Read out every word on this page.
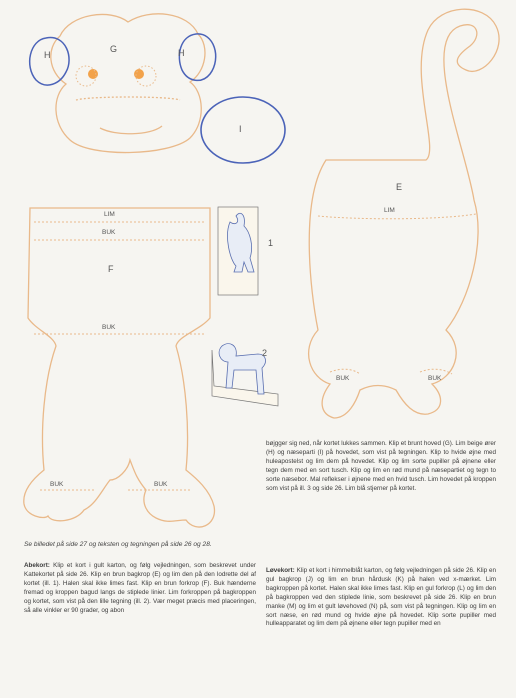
G
H	H
I
E
F
LIM
BUK
BUK
BUK	BUK
BUK	BUK
LIM
1
2
Se billedet på side 27 og teksten og tegningen på side 26 og 28.

Abekort: Klip et kort i gult karton, og følg vejledningen, som beskrevet under Kattekortet på side 26. Klip en brun bagkrop (E) og lim den på den lodrette del af kortet (ill. 1). Halen skal ikke limes fast. Klip en brun forkrop (F). Buk hænderne fremad og kroppen bagud langs de stiplede linier. Lim forkroppen på bagkroppen og kortet, som vist på den lille tegning (ill. 2). Vær meget præcis med placeringen, så alle vinkler er 90 grader, og abon

bøjgger sig ned, når kortet lukkes sammen. Klip et brunt hoved (G). Lim beige ører (H) og næseparti (I) på hovedet, som vist på tegningen. Klip to hvide øjne med huleapostelst og lim dem på hovedet. Klip og lim sorte pupiller på øjnene eller tegn dem med en sort tusch. Klip og lim en rød mund på næsepartiet og tegn to sorte næsebor. Mal reflekser i øjnene med en hvid tusch. Lim hovedet på kroppen som vist på ill. 3 og side 26. Lim blå stjerner på kortet.

Løvekort: Klip et kort i himmelblåt karton, og følg vejledningen på side 26. Klip en gul bagkrop (J) og lim en brun hårdusk (K) på halen ved x-mærket. Lim bagkroppen på kortet. Halen skal ikke limes fast. Klip en gul forkrop (L) og lim den på bagkroppen ved den stiplede linie, som beskrevet på side 26. Klip en brun manke (M) og lim et gult løvehoved (N) på, som vist på tegningen. Klip og lim en sort næse, en rød mund og hvide øjne på hovedet. Klip sorte pupiller med hulleapparatet og lim dem på øjnene eller tegn pupiller med en
